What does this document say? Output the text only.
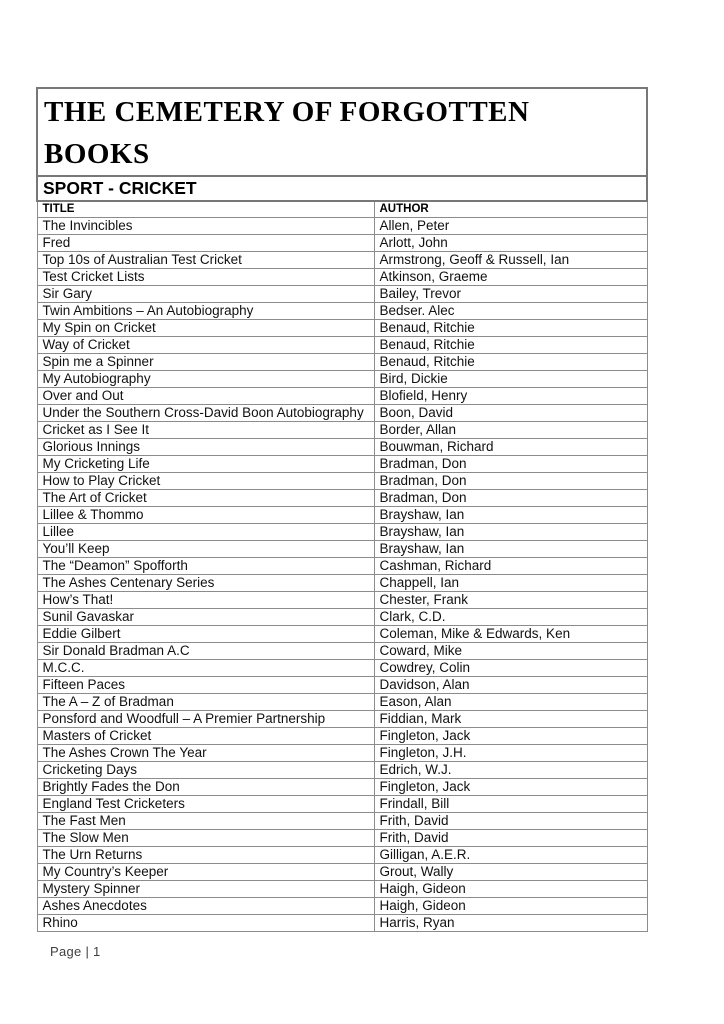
THE CEMETERY OF FORGOTTEN BOOKS	
SPORT - CRICKET	
TITLE	AUTHOR
The Invincibles	Allen, Peter
Fred	Arlott, John
Top 10s of Australian Test Cricket	Armstrong, Geoff & Russell, Ian
Test Cricket Lists	Atkinson, Graeme
Sir Gary	Bailey, Trevor
Twin Ambitions – An Autobiography	Bedser. Alec
My Spin on Cricket	Benaud, Ritchie
Way of Cricket	Benaud, Ritchie
Spin me a Spinner	Benaud, Ritchie
My Autobiography	Bird, Dickie
Over and Out	Blofield, Henry
Under the Southern Cross-David Boon Autobiography	Boon, David
Cricket as I See It	Border, Allan
Glorious Innings	Bouwman, Richard
My Cricketing Life	Bradman, Don
How to Play Cricket	Bradman, Don
The Art of Cricket	Bradman, Don
Lillee & Thommo	Brayshaw, Ian
Lillee	Brayshaw, Ian
You’ll Keep	Brayshaw, Ian
The “Deamon” Spofforth	Cashman, Richard
The Ashes Centenary Series	Chappell, Ian
How’s That!	Chester, Frank
Sunil Gavaskar	Clark, C.D.
Eddie Gilbert	Coleman, Mike & Edwards, Ken
Sir Donald Bradman A.C	Coward, Mike
M.C.C.	Cowdrey, Colin
Fifteen Paces	Davidson, Alan
The A – Z of Bradman	Eason, Alan
Ponsford and Woodfull – A Premier Partnership	Fiddian, Mark
Masters of Cricket	Fingleton, Jack
The Ashes Crown The Year	Fingleton, J.H.
Cricketing Days	Edrich, W.J.
Brightly Fades the Don	Fingleton, Jack
England Test Cricketers	Frindall, Bill
The Fast Men	Frith, David
The Slow Men	Frith, David
The Urn Returns	Gilligan, A.E.R.
My Country’s Keeper	Grout, Wally
Mystery Spinner	Haigh, Gideon
Ashes Anecdotes	Haigh, Gideon
Rhino	Harris, Ryan
Page | 1
